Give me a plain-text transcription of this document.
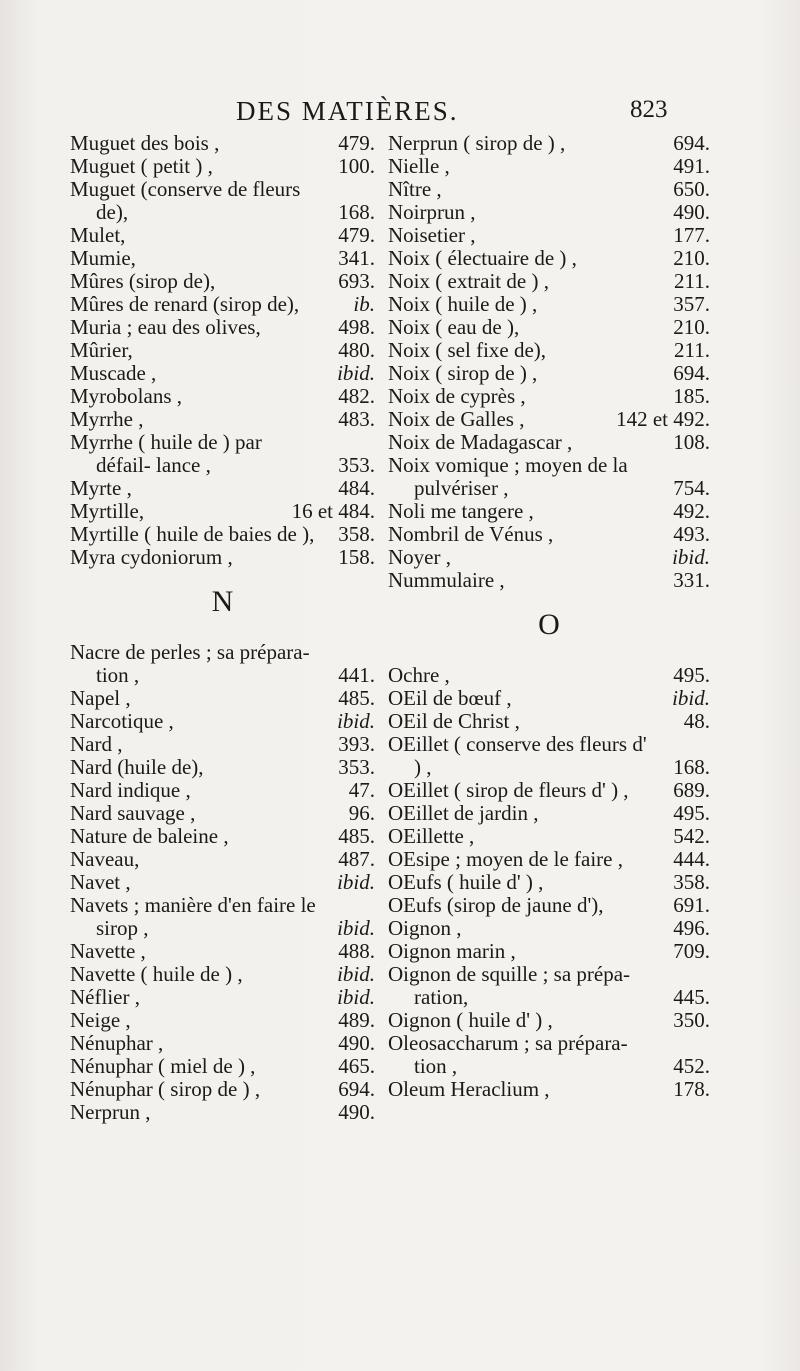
DES MATIÈRES.	823
Muguet des bois ,	479.
Muguet ( petit ) ,	100.
Muguet (conserve de fleurs de),	168.
Mulet,	479.
Mumie,	341.
Mûres (sirop de),	693.
Mûres de renard (sirop de),	ib.
Muria ; eau des olives,	498.
Mûrier,	480.
Muscade ,	ibid.
Myrobolans ,	482.
Myrrhe ,	483.
Myrrhe ( huile de ) par défail- lance ,	353.
Myrte ,	484.
Myrtille,	16 et 484.
Myrtille ( huile de baies de ),	358.
Myra cydoniorum ,	158.
N
Nacre de perles ; sa prépara- tion ,	441.
Napel ,	485.
Narcotique ,	ibid.
Nard ,	393.
Nard (huile de),	353.
Nard indique ,	47.
Nard sauvage ,	96.
Nature de baleine ,	485.
Naveau,	487.
Navet ,	ibid.
Navets ; manière d'en faire le sirop ,	ibid.
Navette ,	488.
Navette ( huile de ) ,	ibid.
Néflier ,	ibid.
Neige ,	489.
Nénuphar ,	490.
Nénuphar ( miel de ) ,	465.
Nénuphar ( sirop de ) ,	694.
Nerprun ,	490.
Nerprun ( sirop de ) ,	694.
Nielle ,	491.
Nître ,	650.
Noirprun ,	490.
Noisetier ,	177.
Noix ( électuaire de ) ,	210.
Noix ( extrait de ) ,	211.
Noix ( huile de ) ,	357.
Noix ( eau de ),	210.
Noix ( sel fixe de),	211.
Noix ( sirop de ) ,	694.
Noix de cyprès ,	185.
Noix de Galles ,	142 et 492.
Noix de Madagascar ,	108.
Noix vomique ; moyen de la pulvériser ,	754.
Noli me tangere ,	492.
Nombril de Vénus ,	493.
Noyer ,	ibid.
Nummulaire ,	331.
O
Ochre ,	495.
OEil de bœuf ,	ibid.
OEil de Christ ,	48.
OEillet ( conserve des fleurs d' ) ,	168.
OEillet ( sirop de fleurs d' ) ,	689.
OEillet de jardin ,	495.
OEillette ,	542.
OEsipe ; moyen de le faire ,	444.
OEufs ( huile d' ) ,	358.
OEufs (sirop de jaune d'),	691.
Oignon ,	496.
Oignon marin ,	709.
Oignon de squille ; sa prépa- ration,	445.
Oignon ( huile d' ) ,	350.
Oleosaccharum ; sa prépara- tion ,	452.
Oleum Heraclium ,	178.
